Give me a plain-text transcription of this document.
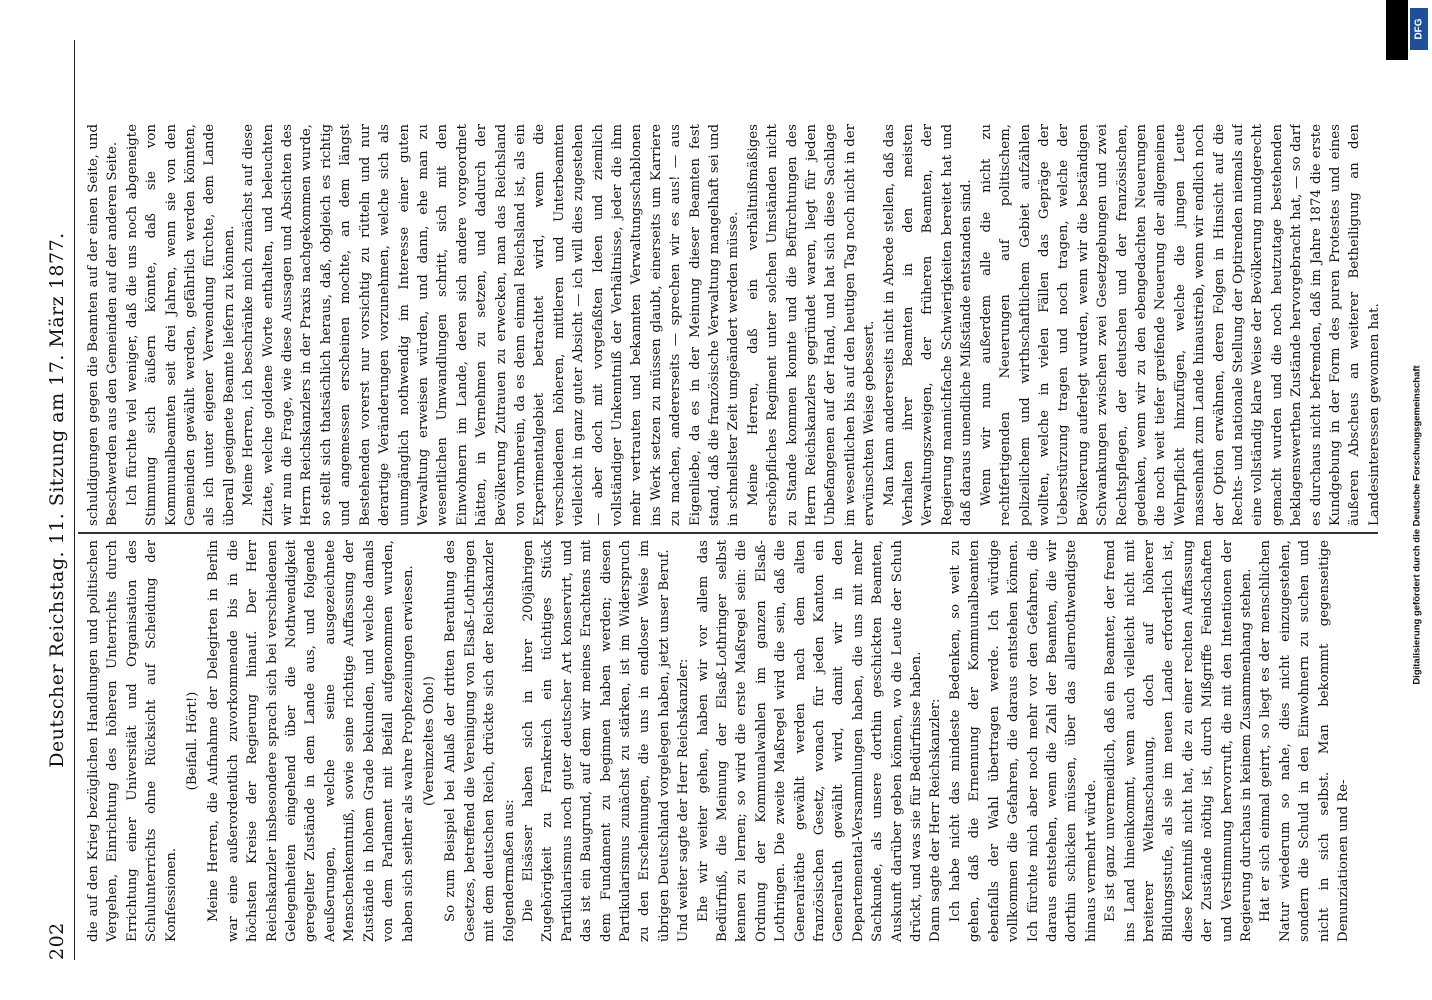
202
Deutscher Reichstag. 11. Sitzung am 17. März 1877. die auf den Krieg bezüglichen Handlungen und politischen Vergehen, Einrichtung des höheren Unterrichts durch Errichtung einer Universität und Organisation des Schulunterrichts ohne Rücksicht auf Scheidung der Konfessionen.

(Beifall. Hört!) Meine Herren, die Aufnahme der Delegirten in Berlin war eine außerordentlich zuvorkommende bis in die höchsten Kreise der Regierung hinauf. Der Herr Reichskanzler insbesondere sprach sich bei verschiedenen Gelegenheiten eingehend über die Nothwendigkeit geregelter Zustände in dem Lande aus, und folgende Aeußerungen, welche seine ausgezeichnete Menschenkenntniß, sowie seine richtige Auffassung der Zustände in hohem Grade bekunden, und welche damals von dem Parlament mit Beifall aufgenommen wurden, haben sich seither als wahre Prophezeiungen erwiesen. (Vereinzeltes Oho!) So zum Beispiel bei Anlaß der dritten Berathung des Gesetzes, betreffend die Vereinigung von Elsaß-Lothringen mit dem deutschen Reich, drückte sich der Reichskanzler folgendermaßen aus: Die Elsässer haben sich in ihrer 200jährigen Zugehörigkeit zu Frankreich ein tüchtiges Stück Partikularismus noch guter deutscher Art konservirt, und das ist ein Baugrund, auf dem wir meines Erachtens mit dem Fundament zu beginnen haben werden; diesen Partikularismus zunächst zu stärken, ist im Widerspruch zu den Erscheinungen, die uns in endloser Weise im übrigen Deutschland vorgelegen haben, jetzt unser Beruf. Und weiter sagte der Herr Reichskanzler: Ehe wir weiter gehen, haben wir vor allem das Bedürfniß, die Meinung der Elsaß-Lothringer selbst kennen zu lernen; so wird die erste Maßregel sein: die Ordnung der Kommunalwahlen im ganzen Elsaß-Lothringen. Die zweite Maßregel wird die sein, daß die Generalräthe gewählt werden nach dem alten französischen Gesetz, wonach für jeden Kanton ein Generalrath gewählt wird, damit wir in den Departemental-Versammlungen haben, die uns mit mehr Sachkunde, als unsere dorthin geschickten Beamten, Auskunft darüber geben können, wo die Leute der Schuh drückt, und was sie für Bedürfnisse haben. Dann sagte der Herr Reichskanzler: Ich habe nicht das mindeste Bedenken, so weit zu gehen, daß die Ernennung der Kommunalbeamten ebenfalls der Wahl übertragen werde. Ich würdige vollkommen die Gefahren, die daraus entstehen können. Ich fürchte mich aber noch mehr vor den Gefahren, die daraus entstehen, wenn die Zahl der Beamten, die wir dorthin schicken müssen, über das allernothwendigste hinaus vermehrt würde. Es ist ganz unvermeidlich, daß ein Beamter, der fremd ins Land hineinkommt, wenn auch vielleicht nicht mit breiterer Weltanschauung, doch auf höherer Bildungsstufe, als sie im neuen Lande erforderlich ist, diese Kenntniß nicht hat, die zu einer rechten Auffassung der Zustände nöthig ist, durch Mißgriffe Feindschaften und Verstimmung hervorruft, die mit den Intentionen der Regierung durchaus in keinem Zusammenhang stehen. Hat er sich einmal geirrt, so liegt es der menschlichen Natur wiederum so nahe, dies nicht einzugestehen, sondern die Schuld in den Einwohnern zu suchen und nicht in sich selbst. Man bekommt gegenseitige Denunziationen und Re-

schuldigungen gegen die Beamten auf der einen Seite, und Beschwerden aus den Gemeinden auf der anderen Seite. Ich fürchte viel weniger, daß die uns noch abgeneigte Stimmung sich äußern könnte, daß sie von Kommunalbeamten seit drei Jahren, wenn sie von den Gemeinden gewählt werden, gefährlich werden könnten, als ich unter eigener Verwendung fürchte, dem Lande überall geeignete Beamte liefern zu können. Meine Herren, ich beschränke mich zunächst auf diese Zitate, welche goldene Worte enthalten, und beleuchten wir nun die Frage, wie diese Aussagen und Absichten des Herrn Reichskanzlers in der Praxis nachgekommen wurde, so stellt sich thatsächlich heraus, daß, obgleich es richtig und angemessen erscheinen mochte, an dem längst Bestehenden vorerst nur vorsichtig zu rütteln und nur derartige Veränderungen vorzunehmen, welche sich als unumgänglich nothwendig im Interesse einer guten Verwaltung erweisen würden, und dann, ehe man zu wesentlichen Umwandlungen schritt, sich mit den Einwohnern im Lande, deren sich andere vorgeordnet hätten, in Vernehmen zu setzen, und dadurch der Bevölkerung Zutrauen zu erwecken, man das Reichsland von vornherein, da es denn einmal Reichsland ist, als ein Experimentalgebiet betrachtet wird, wenn die verschiedenen höheren, mittleren und Unterbeamten vielleicht in ganz guter Absicht — ich will dies zugestehen — aber doch mit vorgefaßten Ideen und ziemlich vollständiger Unkenntniß der Verhältnisse, jeder die ihm mehr vertrauten und bekannten Verwaltungsschablonen ins Werk setzen zu müssen glaubt, einerseits um Karriere zu machen, andererseits — sprechen wir es aus! — aus Eigenliebe, da es in der Meinung dieser Beamten fest stand, daß die französische Verwaltung mangelhaft sei und in schnellster Zeit umgeändert werden müsse. Meine Herren, daß ein verhältnißmäßiges erschöpfliches Regiment unter solchen Umständen nicht zu Stande kommen konnte und die Befürchtungen des Herrn Reichskanzlers gegründet waren, liegt für jeden Unbefangenen auf der Hand, und hat sich diese Sachlage im wesentlichen bis auf den heutigen Tag noch nicht in der erwünschten Weise gebessert. Man kann andererseits nicht in Abrede stellen, daß das Verhalten ihrer Beamten in den meisten Verwaltungszweigen, der früheren Beamten, der Regierung mannichfache Schwierigkeiten bereitet hat und daß daraus unendliche Mißstände entstanden sind. Wenn wir nun außerdem alle die nicht zu rechtfertigenden Neuerungen auf politischem, polizeilichem und wirthschaftlichem Gebiet aufzählen wollten, welche in vielen Fällen das Gepräge der Ueberstürzung tragen und noch tragen, welche der Bevölkerung auferlegt wurden, wenn wir die beständigen Schwankungen zwischen zwei Gesetzgebungen und zwei Rechtspflegen, der deutschen und der französischen, gedenken, wenn wir zu den ebengedachten Neuerungen die noch weit tiefer greifende Neuerung der allgemeinen Wehrpflicht hinzufügen, welche die jungen Leute massenhaft zum Lande hinaustrieb, wenn wir endlich noch der Option erwähnen, deren Folgen in Hinsicht auf die Rechts- und nationale Stellung der Optirenden niemals auf eine vollständig klare Weise der Bevölkerung mundgerecht gemacht wurden und die noch heutzutage bestehenden beklagenswerthen Zustände hervorgebracht hat, — so darf es durchaus nicht befremden, daß im Jahre 1874 die erste Kundgebung in der Form des puren Protestes und eines äußeren Abscheus an weiterer Betheiligung an den Landesinteressen gewonnen hat.	Digitalisierung gefördert durch die Deutsche Forschungsgemeinschaft
DFG
